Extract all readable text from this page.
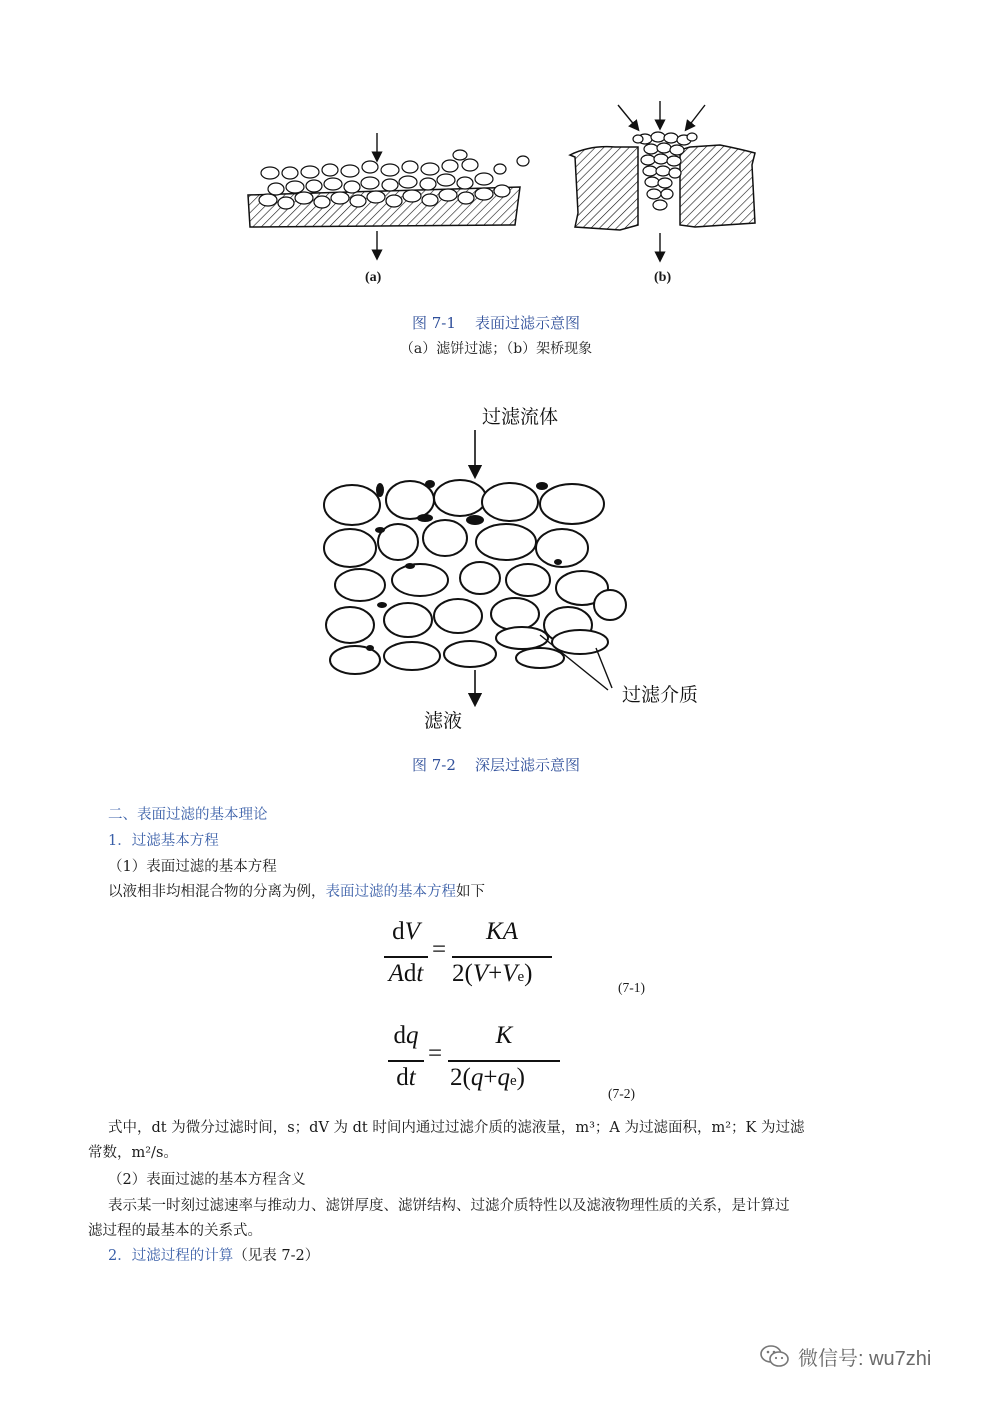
(a)	(b)
图 7-1 表面过滤示意图
（a）滤饼过滤；（b）架桥现象
过滤流体
滤液
过滤介质
图 7-2 深层过滤示意图
二、表面过滤的基本理论
1．过滤基本方程
（1）表面过滤的基本方程
以液相非均相混合物的分离为例，表面过滤的基本方程如下
dV
Adt
=
KA
2(V+Ve)
(7-1)
dq
dt
=
K
2(q+qe)
(7-2)
式中，dt 为微分过滤时间，s；dV 为 dt 时间内通过过滤介质的滤液量，m³；A 为过滤面积，m²；K 为过滤
常数，m²/s。
（2）表面过滤的基本方程含义
表示某一时刻过滤速率与推动力、滤饼厚度、滤饼结构、过滤介质特性以及滤液物理性质的关系，是计算过
滤过程的最基本的关系式。
2．过滤过程的计算（见表 7-2）
微信号: wu7zhi
